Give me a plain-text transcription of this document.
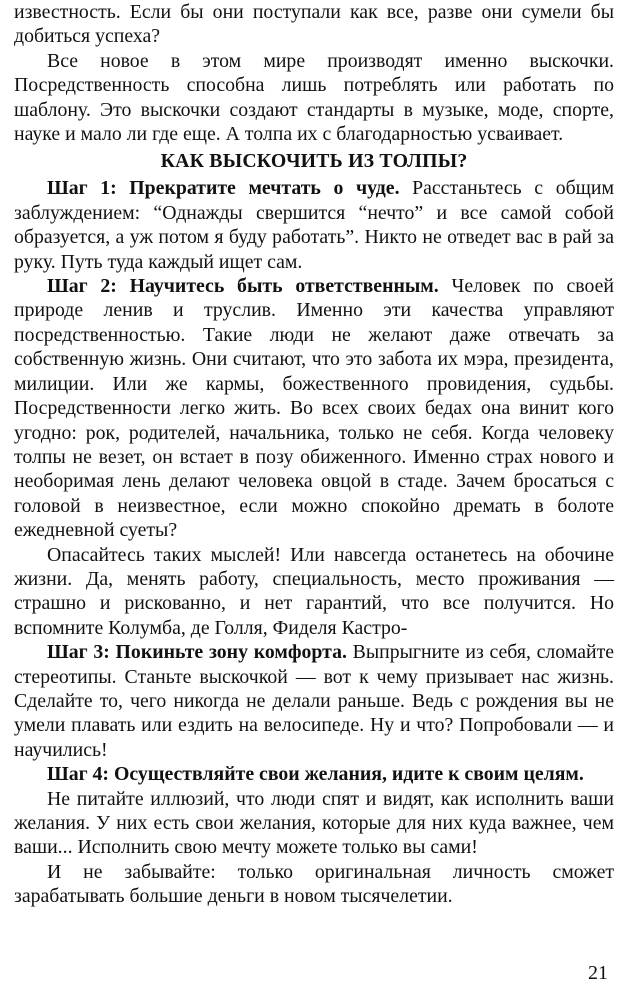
известность. Если бы они поступали как все, разве они сумели бы добиться успеха?

Все новое в этом мире производят именно выскочки. Посредственность способна лишь потреблять или работать по шаблону. Это выскочки создают стандарты в музыке, моде, спорте, науке и мало ли где еще. А толпа их с благодарностью усваивает.

КАК ВЫСКОЧИТЬ ИЗ ТОЛПЫ?

Шаг 1: Прекратите мечтать о чуде. Расстаньтесь с общим заблуждением: “Однажды свершится “нечто” и все самой собой образуется, а уж потом я буду работать”. Никто не отведет вас в рай за руку. Путь туда каждый ищет сам.

Шаг 2: Научитесь быть ответственным. Человек по своей природе ленив и труслив. Именно эти качества управляют посредственностью. Такие люди не желают даже отвечать за собственную жизнь. Они считают, что это забота их мэра, президента, милиции. Или же кармы, божественного провидения, судьбы. Посредственности легко жить. Во всех своих бедах она винит кого угодно: рок, родителей, начальника, только не себя. Когда человеку толпы не везет, он встает в позу обиженного. Именно страх нового и необоримая лень делают человека овцой в стаде. Зачем бросаться с головой в неизвестное, если можно спокойно дремать в болоте ежедневной суеты?

Опасайтесь таких мыслей! Или навсегда останетесь на обочине жизни. Да, менять работу, специальность, место проживания — страшно и рискованно, и нет гарантий, что все получится. Но вспомните Колумба, де Голля, Фиделя Кастро-

Шаг 3: Покиньте зону комфорта. Выпрыгните из себя, сломайте стереотипы. Станьте выскочкой — вот к чему призывает нас жизнь. Сделайте то, чего никогда не делали раньше. Ведь с рождения вы не умели плавать или ездить на велосипеде. Ну и что? Попробовали — и научились!

Шаг 4: Осуществляйте свои желания, идите к своим целям.

Не питайте иллюзий, что люди спят и видят, как исполнить ваши желания. У них есть свои желания, которые для них куда важнее, чем ваши... Исполнить свою мечту можете только вы сами!

И не забывайте: только оригинальная личность сможет зарабатывать большие деньги в новом тысячелетии.

21
